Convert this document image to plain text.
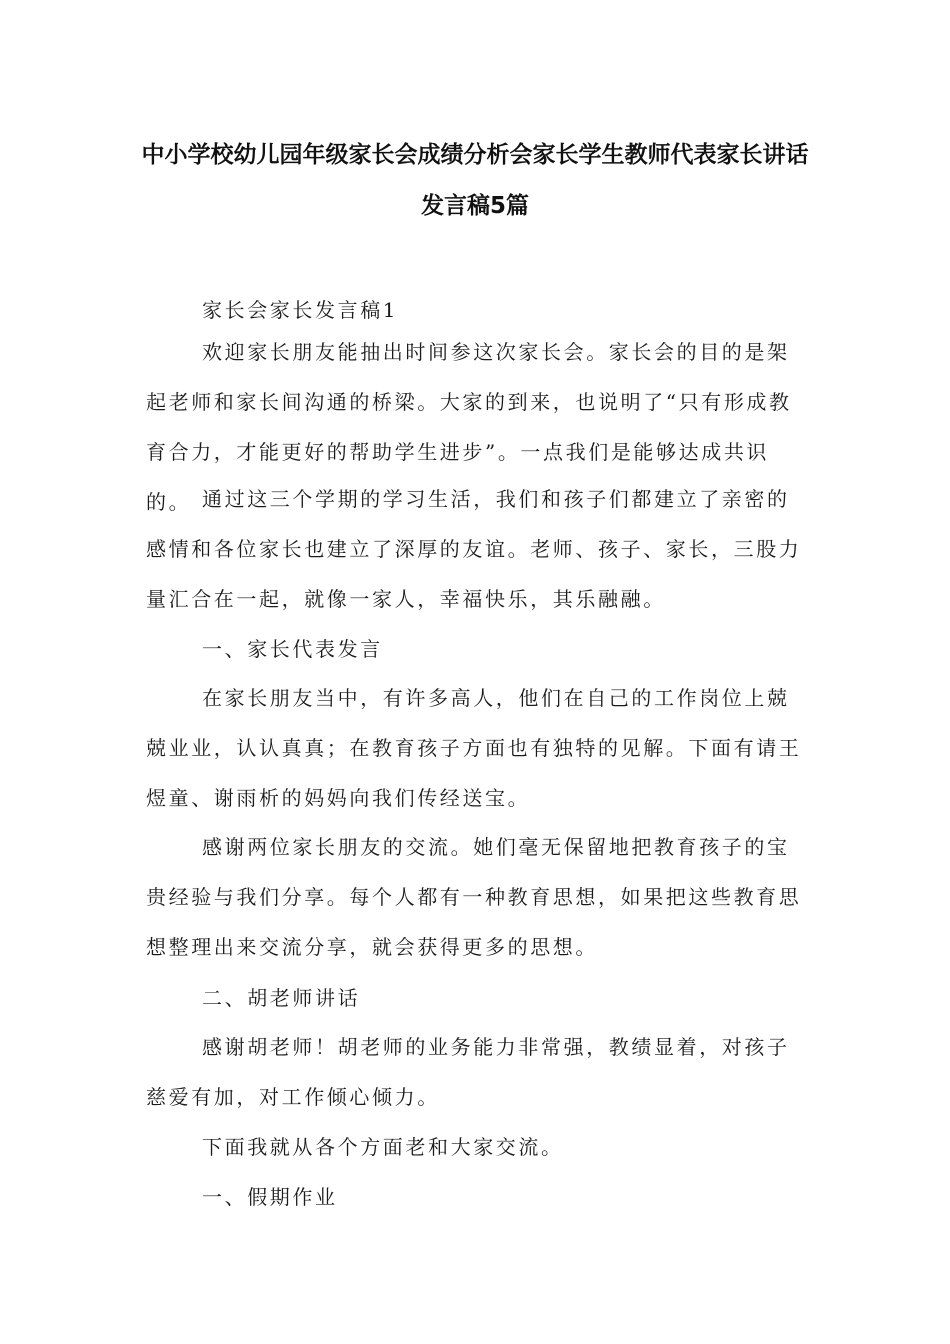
中小学校幼儿园年级家长会成绩分析会家长学生教师代表家长讲话
发言稿5篇

家长会家长发言稿1

欢迎家长朋友能抽出时间参这次家长会。家长会的目的是架起老师和家长间沟通的桥梁。大家的到来，也说明了“只有形成教育合力，才能更好的帮助学生进步”。一点我们是能够达成共识的。 通过这三个学期的学习生活，我们和孩子们都建立了亲密的感情和各位家长也建立了深厚的友谊。老师、孩子、家长，三股力量汇合在一起，就像一家人，幸福快乐，其乐融融。

一、家长代表发言

在家长朋友当中，有许多高人，他们在自己的工作岗位上兢兢业业，认认真真；在教育孩子方面也有独特的见解。下面有请王煜童、谢雨析的妈妈向我们传经送宝。

感谢两位家长朋友的交流。她们毫无保留地把教育孩子的宝贵经验与我们分享。每个人都有一种教育思想，如果把这些教育思想整理出来交流分享，就会获得更多的思想。

二、胡老师讲话

感谢胡老师！胡老师的业务能力非常强，教绩显着，对孩子慈爱有加，对工作倾心倾力。

下面我就从各个方面老和大家交流。

一、假期作业
